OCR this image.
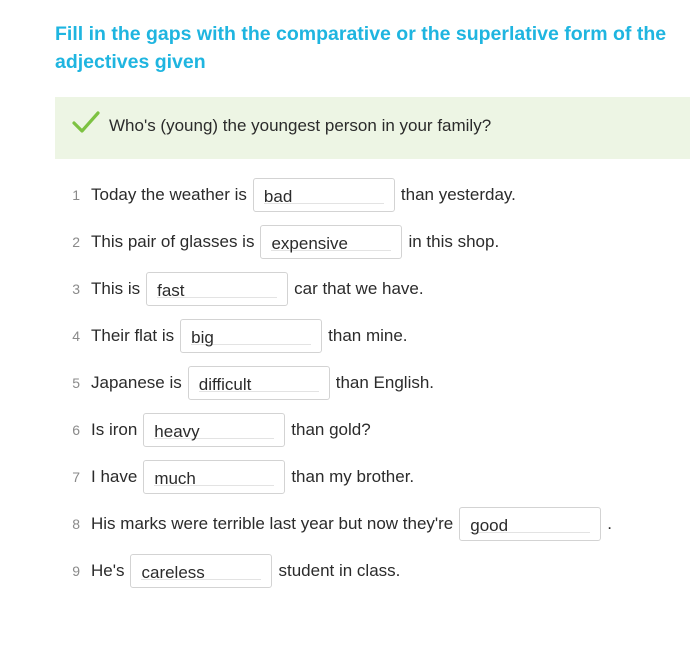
Fill in the gaps with the comparative or the superlative form of the adjectives given
Who's (young) the youngest person in your family?
1 Today the weather is
bad	than yesterday.
2 This pair of glasses is
expensive	in this shop.
3 This is
fast	car that we have.
4 Their flat is
big	than mine.
5 Japanese is
difficult	than English.
6 Is iron
heavy	than gold?
7 I have
much	than my brother.
8 His marks were terrible last year but now they're
good	.
9 He's
careless	student in class.
